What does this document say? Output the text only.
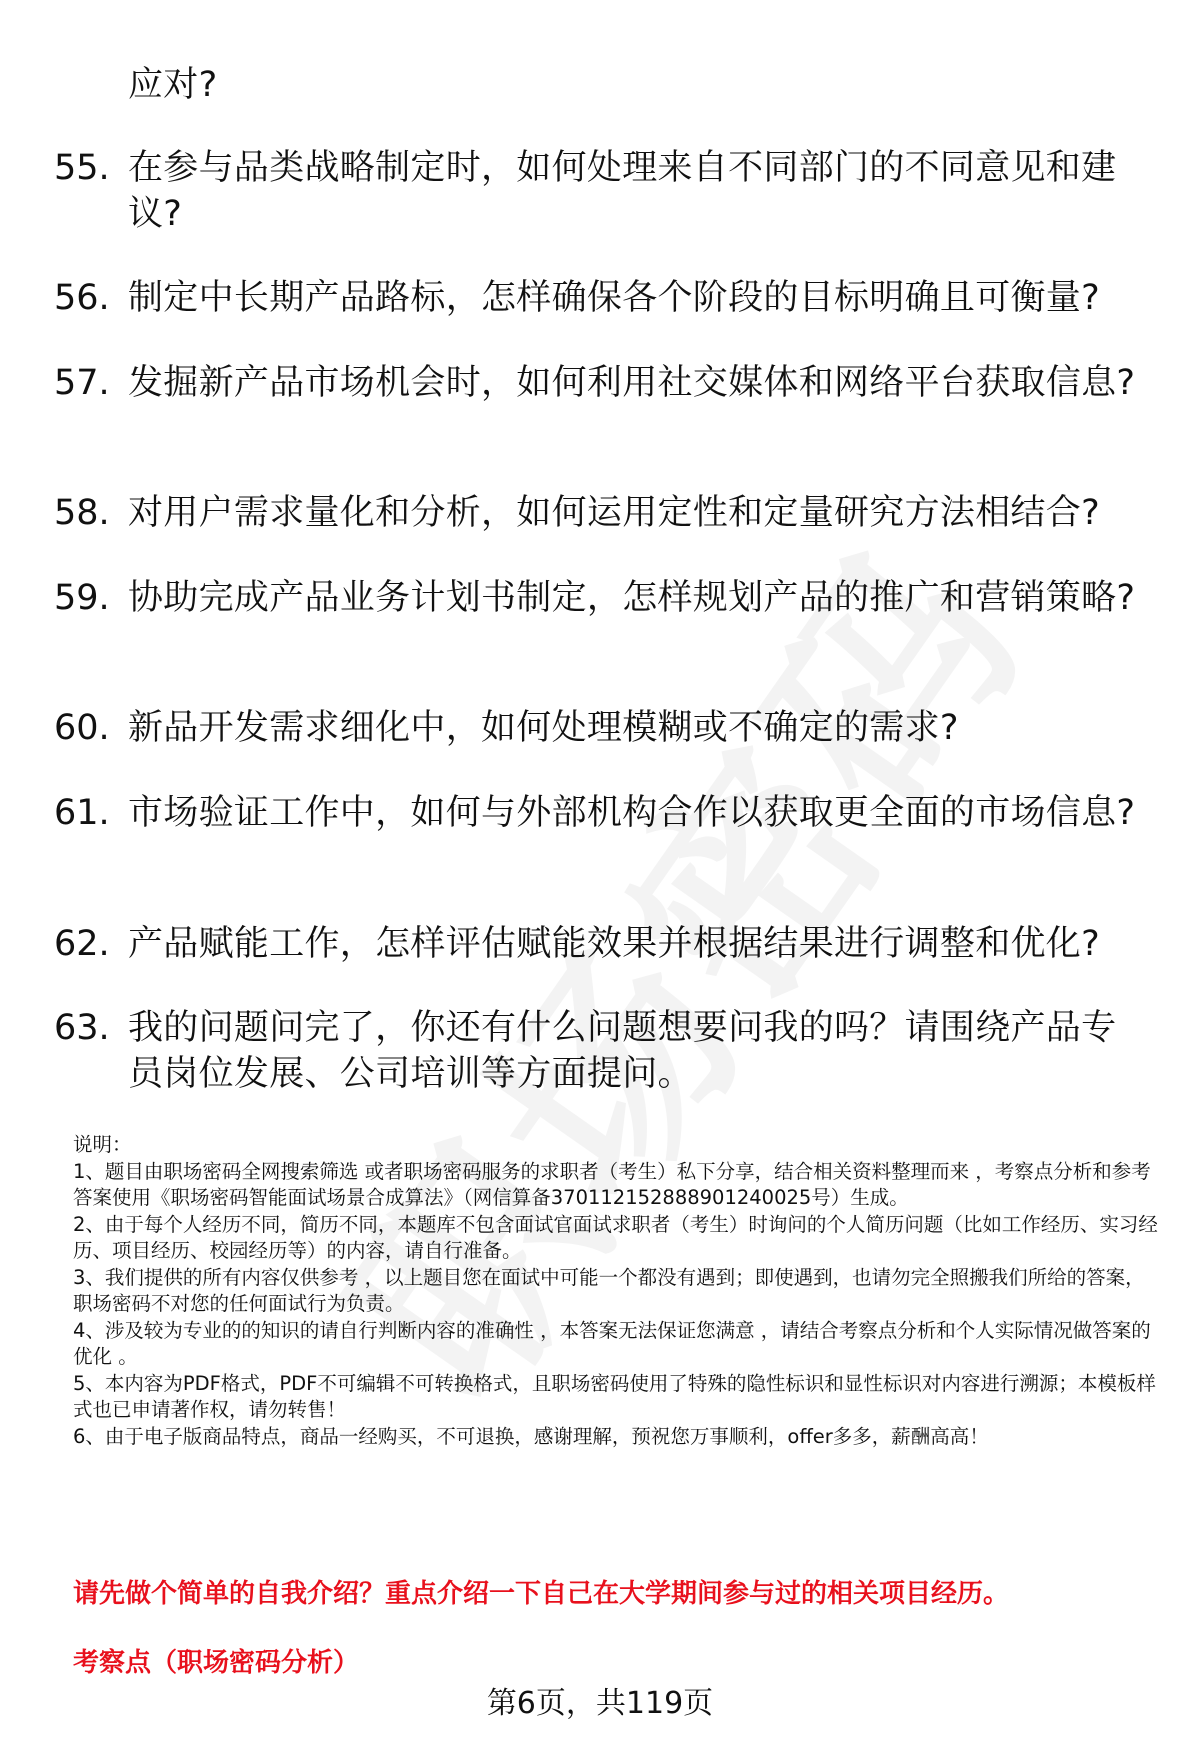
应对?
55. 在参与品类战略制定时，如何处理来自不同部门的不同意见和建议?
56. 制定中长期产品路标，怎样确保各个阶段的目标明确且可衡量?
57. 发掘新产品市场机会时，如何利用社交媒体和网络平台获取信息?
58. 对用户需求量化和分析，如何运用定性和定量研究方法相结合?
59. 协助完成产品业务计划书制定，怎样规划产品的推广和营销策略?
60. 新品开发需求细化中，如何处理模糊或不确定的需求?
61. 市场验证工作中，如何与外部机构合作以获取更全面的市场信息?
62. 产品赋能工作，怎样评估赋能效果并根据结果进行调整和优化?
63. 我的问题问完了，你还有什么问题想要问我的吗？请围绕产品专员岗位发展、公司培训等方面提问。

说明：

1、题目由职场密码全网搜索筛选 或者职场密码服务的求职者（考生）私下分享，结合相关资料整理而来 ，考察点分析和参考答案使用《职场密码智能面试场景合成算法》（网信算备370112152888901240025号）生成。

2、由于每个人经历不同，简历不同，本题库不包含面试官面试求职者（考生）时询问的个人简历问题（比如工作经历、实习经历、项目经历、校园经历等）的内容，请自行准备。

3、我们提供的所有内容仅供参考 ，以上题目您在面试中可能一个都没有遇到；即使遇到，也请勿完全照搬我们所给的答案，职场密码不对您的任何面试行为负责。

4、涉及较为专业的的知识的请自行判断内容的准确性 ，本答案无法保证您满意 ，请结合考察点分析和个人实际情况做答案的优化 。

5、本内容为PDF格式，PDF不可编辑不可转换格式，且职场密码使用了特殊的隐性标识和显性标识对内容进行溯源；本模板样式也已申请著作权，请勿转售！

6、由于电子版商品特点，商品一经购买，不可退换，感谢理解，预祝您万事顺利，offer多多，薪酬高高！

请先做个简单的自我介绍？重点介绍一下自己在大学期间参与过的相关项目经历。
考察点（职场密码分析）
第6页，共119页
